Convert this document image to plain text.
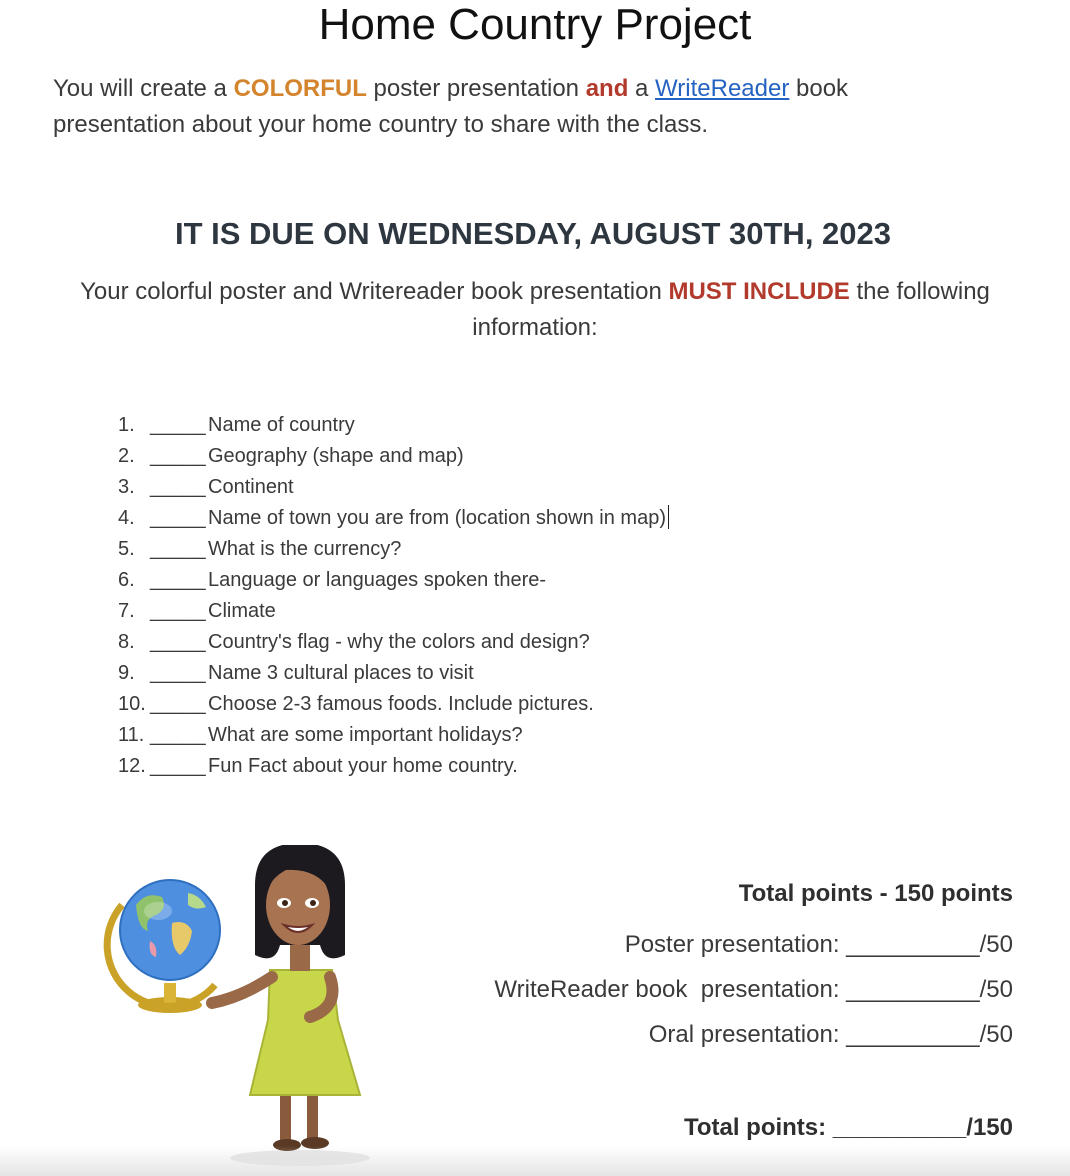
Home Country Project
You will create a COLORFUL poster presentation and a WriteReader book presentation about your home country to share with the class.
IT IS DUE ON WEDNESDAY, AUGUST 30TH, 2023
Your colorful poster and Writereader book presentation MUST INCLUDE the following information:
1. _____ Name of country
2. _____ Geography (shape and map)
3. _____ Continent
4. _____ Name of town you are from (location shown in map)
5. _____ What is the currency?
6. _____ Language or languages spoken there-
7. _____ Climate
8. _____ Country's flag - why the colors and design?
9. _____ Name 3 cultural places to visit
10. _____ Choose 2-3 famous foods. Include pictures.
11. _____ What are some important holidays?
12. _____ Fun Fact about your home country.
Total points - 150 points
Poster presentation: __________/50
WriteReader book  presentation: __________/50
Oral presentation: __________/50
Total points: __________/150
